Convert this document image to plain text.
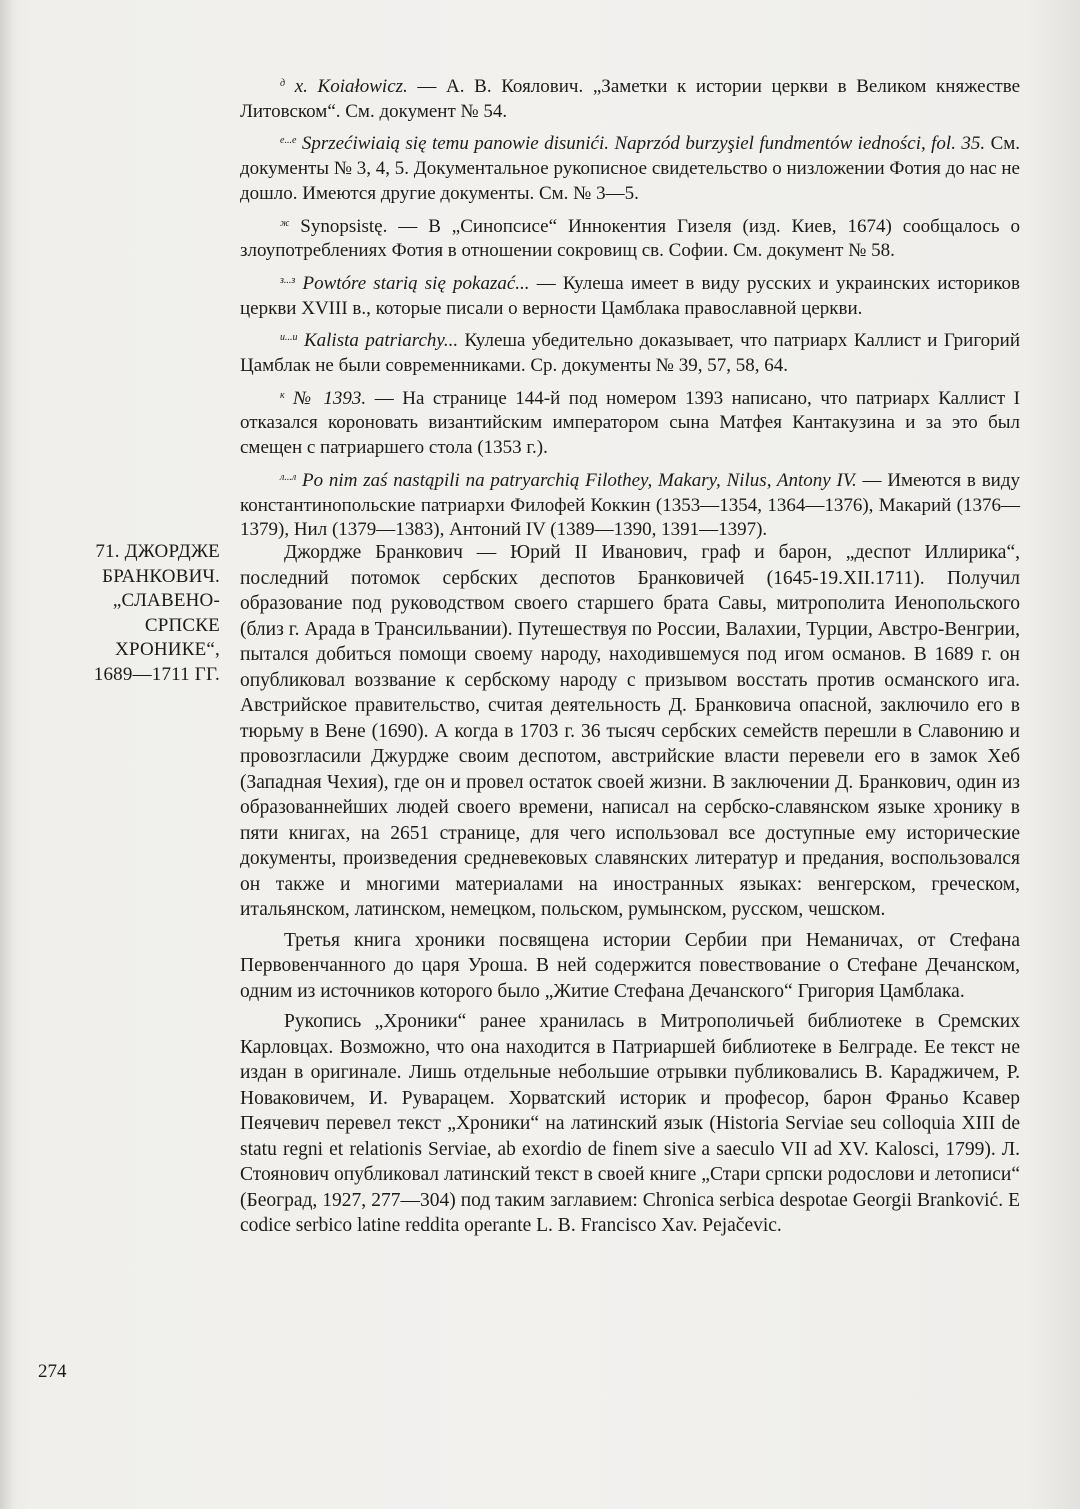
$^д$ x. Koiałowicz. — А. В. Коялович. „Заметки к истории церкви в Великом княжестве Литовском“. См. документ № 54.

$^{е...е}$ Sprzećiwiaią się temu panowie disunići. Naprzód burzyşiel fundmentów iedności, fol. 35. См. документы № 3, 4, 5. Документальное рукописное свидетельство о низложении Фотия до нас не дошло. Имеются другие документы. См. № 3—5.

$^ж$ Synopsistę. — В „Синопсисе“ Иннокентия Гизеля (изд. Киев, 1674) сообщалось о злоупотреблениях Фотия в отношении сокровищ св. Софии. См. документ № 58.

$^{з...з}$ Powtóre starią się pokazać... — Кулеша имеет в виду русских и украинских историков церкви XVIII в., которые писали о верности Цамблака православной церкви.

$^{и...и}$ Kalista patriarchy... Кулеша убедительно доказывает, что патриарх Каллист и Григорий Цамблак не были современниками. Ср. документы № 39, 57, 58, 64.

$^к$ № 1393. — На странице 144-й под номером 1393 написано, что патриарх Каллист I отказался короновать византийским императором сына Матфея Кантакузина и за это был смещен с патриаршего стола (1353 г.).

$^{л...л}$ Po nim zaś nastąpili na patryarchią Filothey, Makary, Nilus, Antony IV. — Имеются в виду константинопольские патриархи Филофей Коккин (1353—1354, 1364—1376), Макарий (1376—1379), Нил (1379—1383), Антоний IV (1389—1390, 1391—1397).

71. ДЖОРДЖЕ
БРАНКОВИЧ.
„СЛАВЕНО-
СРПСКЕ
ХРОНИКЕ“,
1689—1711 ГГ.

Джордже Бранкович — Юрий II Иванович, граф и барон, „деспот Иллирика“, последний потомок сербских деспотов Бранковичей (1645-19.XII.1711). Получил образование под руководством своего старшего брата Савы, митрополита Иенопольского (близ г. Арада в Трансильвании). Путешествуя по России, Валахии, Турции, Австро-Венгрии, пытался добиться помощи своему народу, находившемуся под игом османов. В 1689 г. он опубликовал воззвание к сербскому народу с призывом восстать против османского ига. Австрийское правительство, считая деятельность Д. Бранковича опасной, заключило его в тюрьму в Вене (1690). А когда в 1703 г. 36 тысяч сербских семейств перешли в Славонию и провозгласили Джурдже своим деспотом, австрийские власти перевели его в замок Хеб (Западная Чехия), где он и провел остаток своей жизни. В заключении Д. Бранкович, один из образованнейших людей своего времени, написал на сербско-славянском языке хронику в пяти книгах, на 2651 странице, для чего использовал все доступные ему исторические документы, произведения средневековых славянских литератур и предания, воспользовался он также и многими материалами на иностранных языках: венгерском, греческом, итальянском, латинском, немецком, польском, румынском, русском, чешском.

Третья книга хроники посвящена истории Сербии при Неманичах, от Стефана Первовенчанного до царя Уроша. В ней содержится повествование о Стефане Дечанском, одним из источников которого было „Житие Стефана Дечанского“ Григория Цамблака.

Рукопись „Хроники“ ранее хранилась в Митрополичьей библиотеке в Сремских Карловцах. Возможно, что она находится в Патриаршей библиотеке в Белграде. Ее текст не издан в оригинале. Лишь отдельные небольшие отрывки публиковались В. Караджичем, Р. Новаковичем, И. Руварацем. Хорватский историк и професор, барон Франьо Ксавер Пеячевич перевел текст „Хроники“ на латинский язык (Historia Serviae seu colloquia XIII de statu regni et relationis Serviae, ab exordio de finem sive a saeculo VII ad XV. Kalosci, 1799). Л. Стоянович опубликовал латинский текст в своей книге „Стари српски родослови и летописи“ (Београд, 1927, 277—304) под таким заглавием: Chronica serbica despotae Georgii Branković. E codice serbico latine reddita operante L. B. Francisco Xav. Pejačevic.

274
